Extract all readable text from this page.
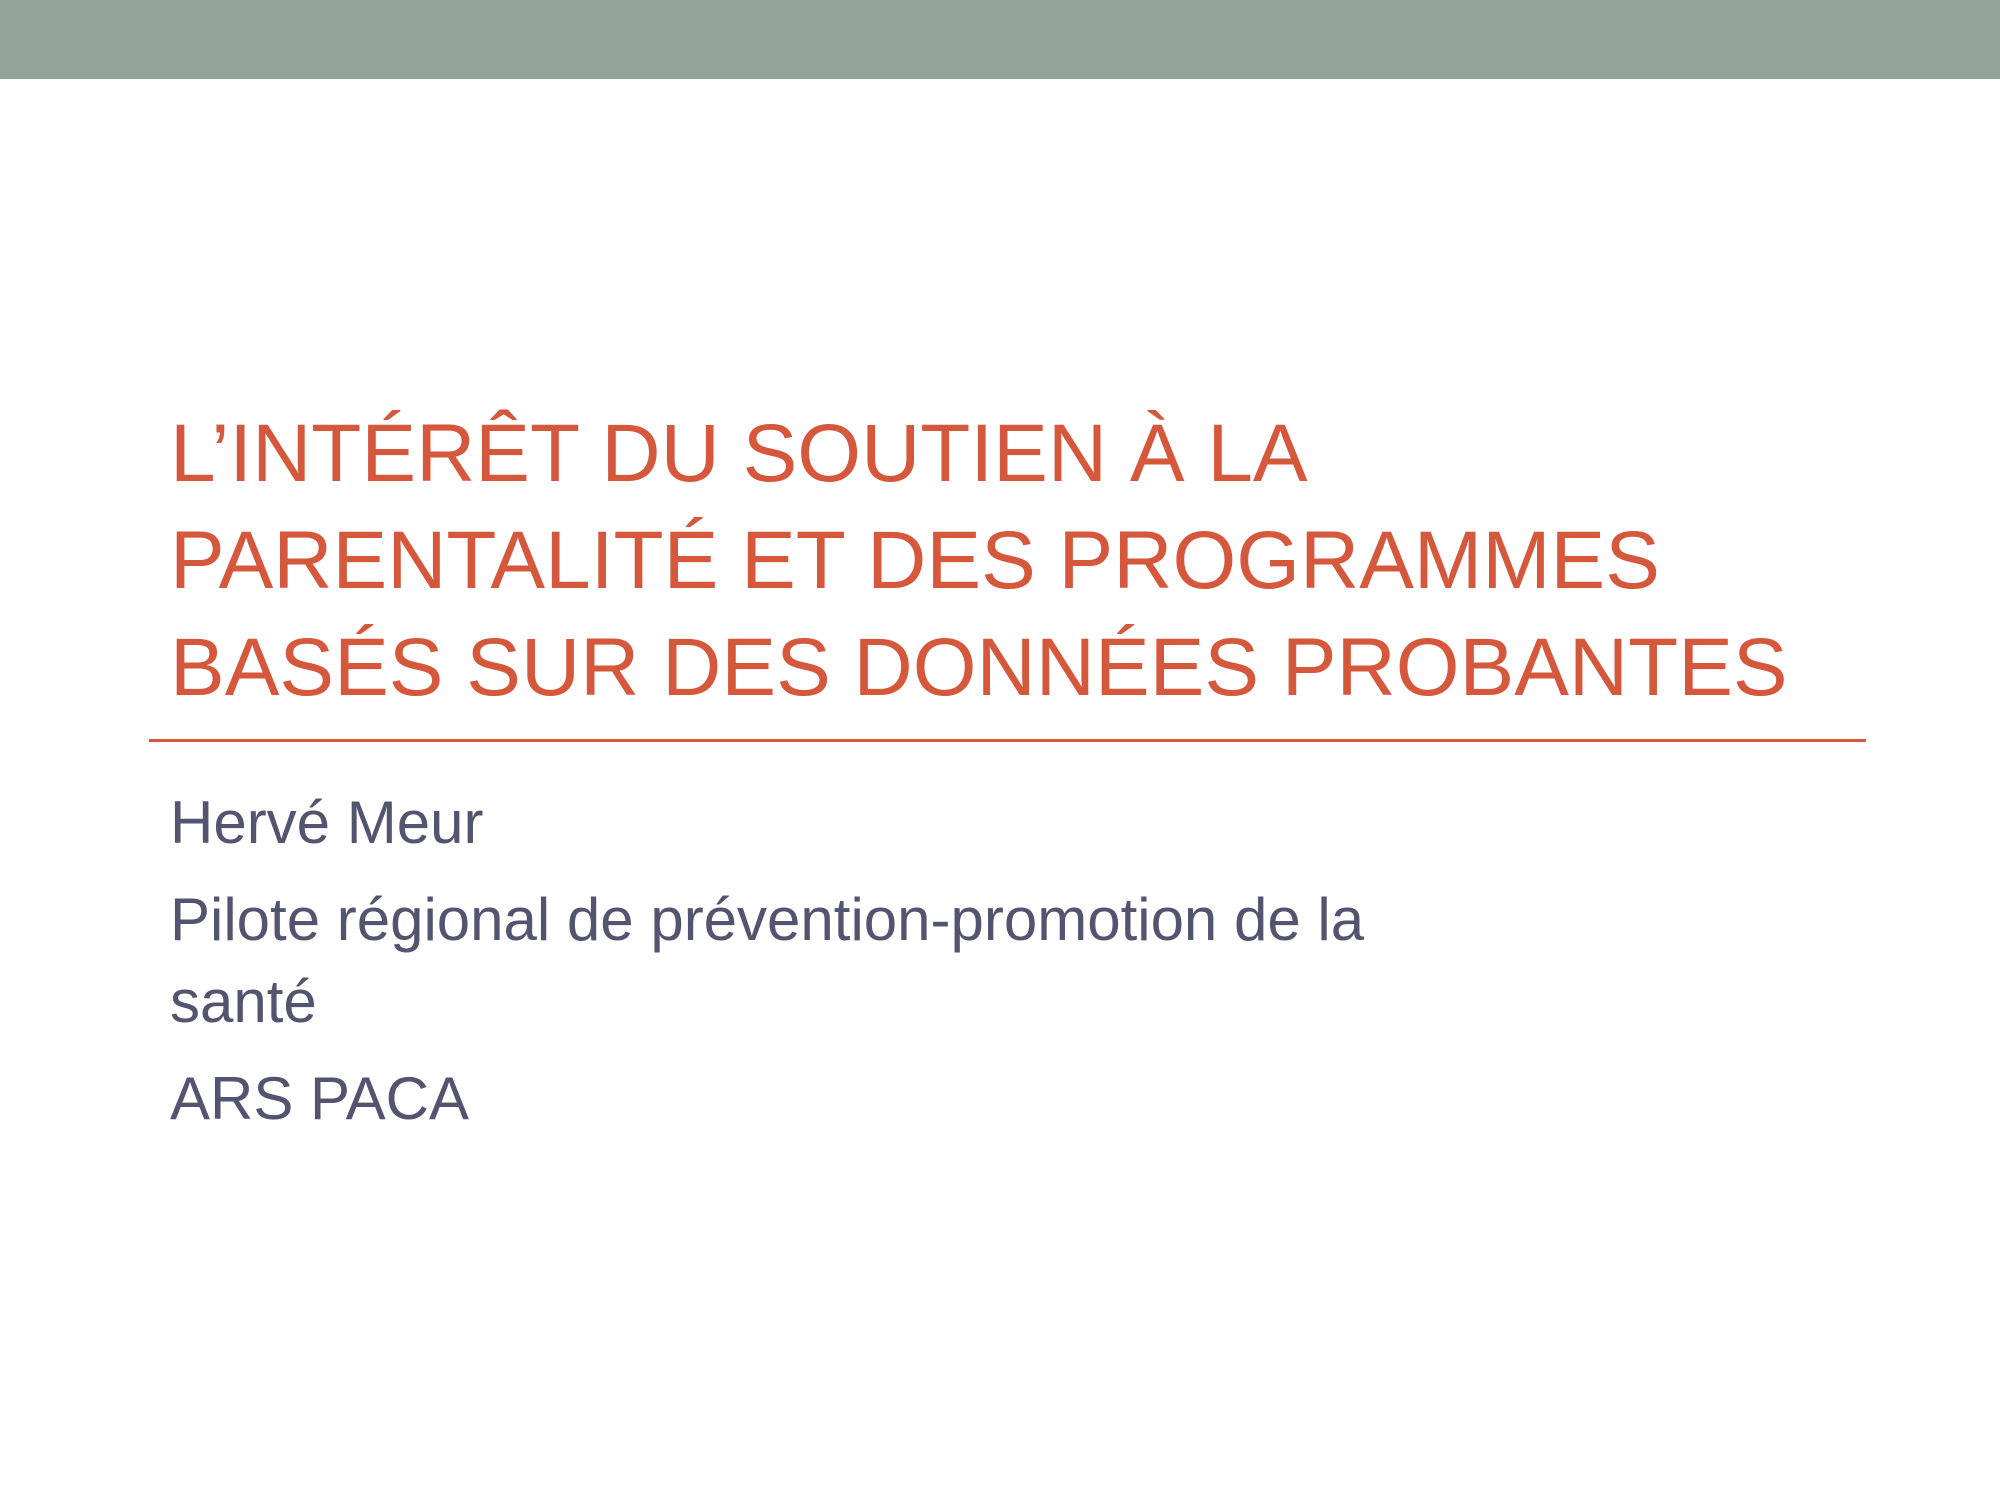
L’INTÉRÊT DU SOUTIEN À LA
PARENTALITÉ ET DES PROGRAMMES
BASÉS SUR DES DONNÉES PROBANTES
Hervé Meur
Pilote régional de prévention-promotion de la
santé
ARS PACA
